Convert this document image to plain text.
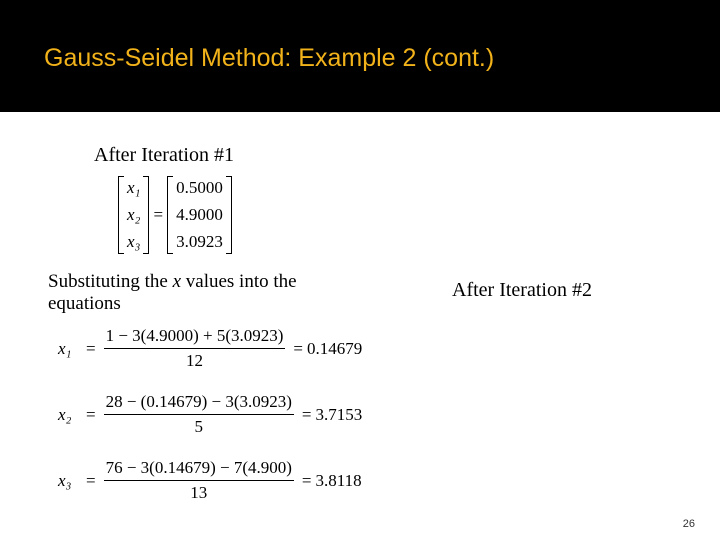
Gauss-Seidel Method: Example 2 (cont.)
After Iteration #1
x₁
x₂
x₃
=
0.5000
4.9000
3.0923
Substituting the x values into the equations
After Iteration #2
$x_1 = \frac{1 - 3(4.9000) + 5(3.0923)}{12} = 0.14679$
$x_2 = \frac{28 - (0.14679) - 3(3.0923)}{5} = 3.7153$
$x_3 = \frac{76 - 3(0.14679) - 7(4.900)}{13} = 3.8118$
26
